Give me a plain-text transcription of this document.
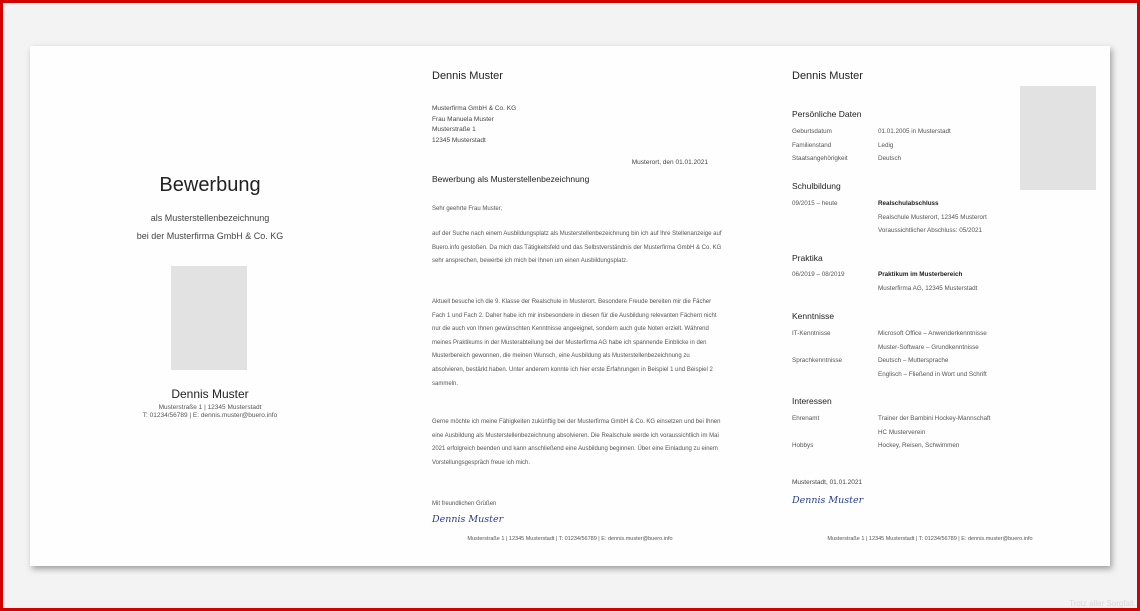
Bewerbung
als Musterstellenbezeichnung
bei der Musterfirma GmbH & Co. KG
Dennis Muster
Musterstraße 1 | 12345 Musterstadt
T: 01234/56789 | E: dennis.muster@buero.info
Dennis Muster
Musterfirma GmbH & Co. KG
Frau Manuela Muster
Musterstraße 1
12345 Musterstadt
Musterort, den 01.01.2021
Bewerbung als Musterstellenbezeichnung
Sehr geehrte Frau Muster,
auf der Suche nach einem Ausbildungsplatz als Musterstellenbezeichnung bin ich auf Ihre Stellenanzeige auf Buero.info gestoßen. Da mich das Tätigkeitsfeld und das Selbstverständnis der Musterfirma GmbH & Co. KG sehr ansprechen, bewerbe ich mich bei Ihnen um einen Ausbildungsplatz.
Aktuell besuche ich die 9. Klasse der Realschule in Musterort. Besondere Freude bereiten mir die Fächer Fach 1 und Fach 2. Daher habe ich mir insbesondere in diesen für die Ausbildung relevanten Fächern nicht nur die auch von Ihnen gewünschten Kenntnisse angeeignet, sondern auch gute Noten erzielt. Während meines Praktikums in der Musterabteilung bei der Musterfirma AG habe ich spannende Einblicke in den Musterbereich gewonnen, die meinen Wunsch, eine Ausbildung als Musterstellenbezeichnung zu absolvieren, bestärkt haben. Unter anderem konnte ich hier erste Erfahrungen in Beispiel 1 und Beispiel 2 sammeln.
Gerne möchte ich meine Fähigkeiten zukünftig bei der Musterfirma GmbH & Co. KG einsetzen und bei Ihnen eine Ausbildung als Musterstellenbezeichnung absolvieren. Die Realschule werde ich voraussichtlich im Mai 2021 erfolgreich beenden und kann anschließend eine Ausbildung beginnen. Über eine Einladung zu einem Vorstellungsgespräch freue ich mich.
Mit freundlichen Grüßen
Dennis Muster
Musterstraße 1 | 12345 Musterstadt | T: 01234/56789 | E: dennis.muster@buero.info
Dennis Muster
Persönliche Daten
Geburtsdatum	01.01.2005 in Musterstadt
Familienstand	Ledig
Staatsangehörigkeit	Deutsch
Schulbildung
09/2015 – heute	Realschulabschluss
Realschule Musterort, 12345 Musterort
Voraussichtlicher Abschluss: 05/2021
Praktika
06/2019 – 08/2019	Praktikum im Musterbereich
Musterfirma AG, 12345 Musterstadt
Kenntnisse
IT-Kenntnisse	Microsoft Office – Anwenderkenntnisse
Muster-Software – Grundkenntnisse
Sprachkenntnisse	Deutsch – Muttersprache
Englisch – Fließend in Wort und Schrift
Interessen
Ehrenamt	Trainer der Bambini Hockey-Mannschaft
HC Musterverein
Hobbys	Hockey, Reisen, Schwimmen
Musterstadt, 01.01.2021
Dennis Muster
Musterstraße 1 | 12345 Musterstadt | T: 01234/56789 | E: dennis.muster@buero.info
Trotz aller Sorgfalt
